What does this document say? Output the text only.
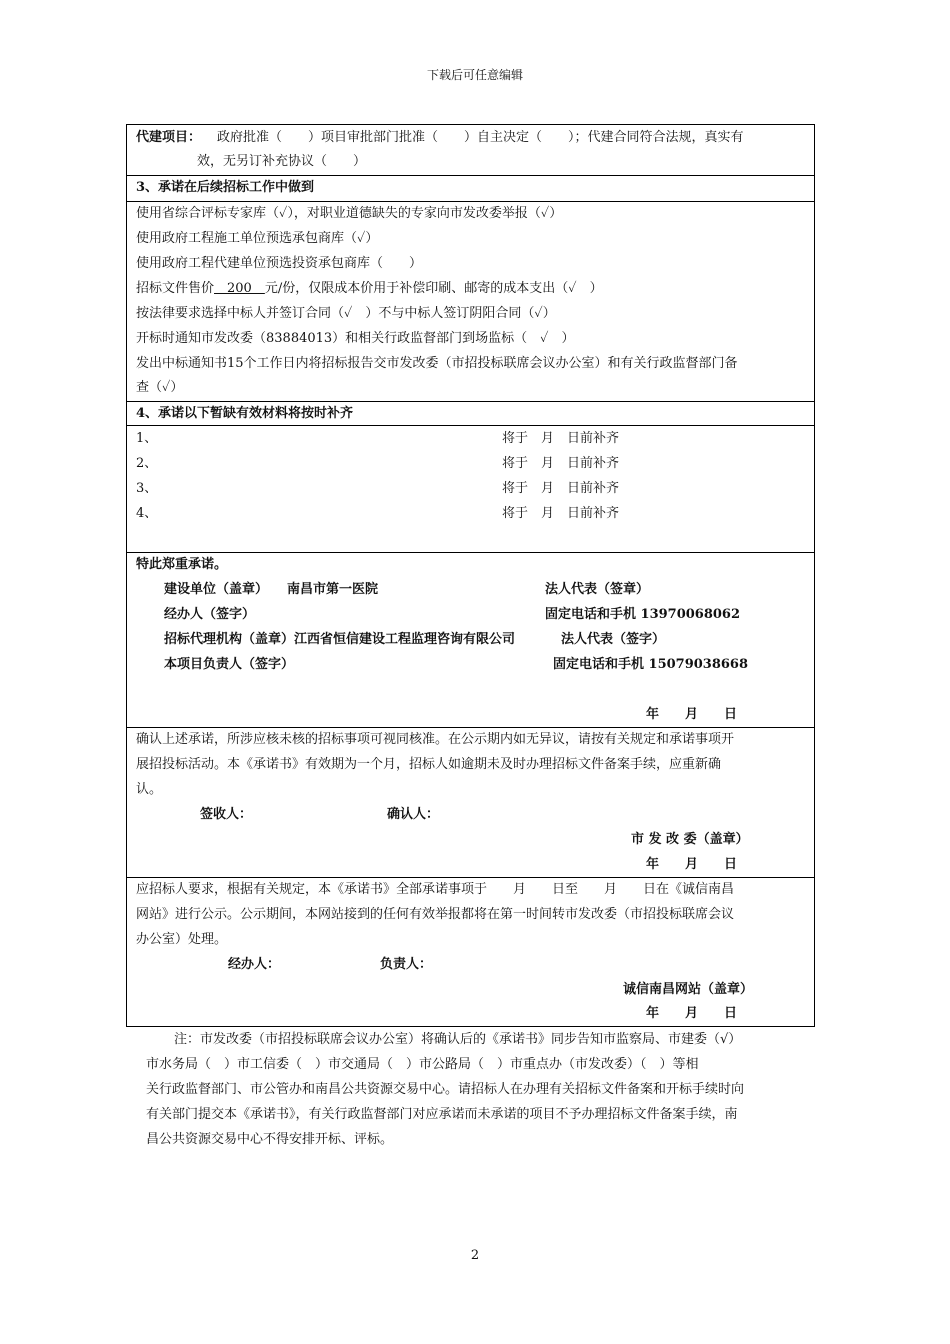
下载后可任意编辑
代建项目： 政府批准（　　）项目审批部门批准（　　）自主决定（　　）；代建合同符合法规，真实有
效，无另订补充协议（　　）
3、承诺在后续招标工作中做到
使用省综合评标专家库（✓），对职业道德缺失的专家向市发改委举报（✓）
使用政府工程施工单位预选承包商库（✓）
使用政府工程代建单位预选投资承包商库（　　）
招标文件售价　200　元/份，仅限成本价用于补偿印刷、邮寄的成本支出（✓　）
按法律要求选择中标人并签订合同（✓　）不与中标人签订阴阳合同（✓）
开标时通知市发改委（83884013）和相关行政监督部门到场监标（　✓　）
发出中标通知书15个工作日内将招标报告交市发改委（市招投标联席会议办公室）和有关行政监督部门备
查（✓）
4、承诺以下暂缺有效材料将按时补齐
1、	将于　月　日前补齐
2、	将于　月　日前补齐
3、	将于　月　日前补齐
4、	将于　月　日前补齐
特此郑重承诺。
建设单位（盖章） 南昌市第一医院	法人代表（签章）
经办人（签字）	固定电话和手机 13970068062
招标代理机构（盖章）江西省恒信建设工程监理咨询有限公司	法人代表（签字）
本项目负责人（签字）	固定电话和手机 15079038668
年　　月　　日
确认上述承诺，所涉应核未核的招标事项可视同核准。在公示期内如无异议，请按有关规定和承诺事项开
展招投标活动。本《承诺书》有效期为一个月，招标人如逾期未及时办理招标文件备案手续，应重新确
认。
签收人：	确认人：
市 发 改 委（盖章）
年　　月　　日
应招标人要求，根据有关规定，本《承诺书》全部承诺事项于　　月　　日至　　月　　日在《诚信南昌
网站》进行公示。公示期间，本网站接到的任何有效举报都将在第一时间转市发改委（市招投标联席会议
办公室）处理。
经办人：	负责人：
诚信南昌网站（盖章）
年　　月　　日
注：市发改委（市招投标联席会议办公室）将确认后的《承诺书》同步告知市监察局、市建委（√）
市水务局（　）市工信委（　）市交通局（　）市公路局（　）市重点办（市发改委）（　）等相
关行政监督部门、市公管办和南昌公共资源交易中心。请招标人在办理有关招标文件备案和开标手续时向
有关部门提交本《承诺书》，有关行政监督部门对应承诺而未承诺的项目不予办理招标文件备案手续，南
昌公共资源交易中心不得安排开标、评标。
2
